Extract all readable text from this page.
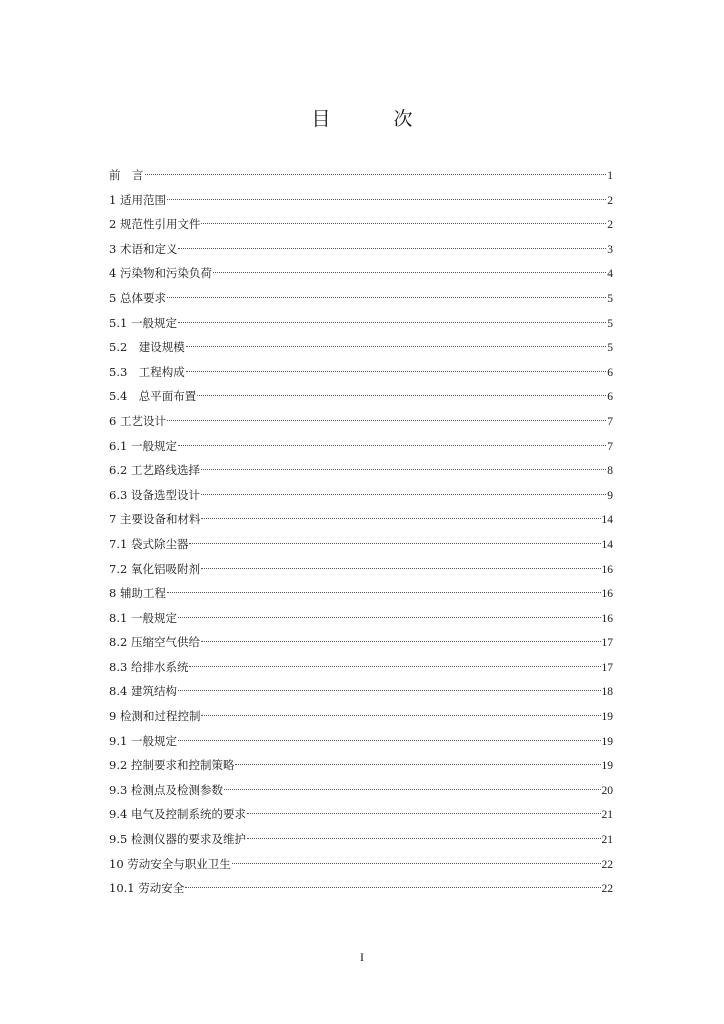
目　次
前　言	1
1 适用范围	2
2 规范性引用文件	2
3 术语和定义	3
4 污染物和污染负荷	4
5 总体要求	5
5.1 一般规定	5
5.2　建设规模	5
5.3　工程构成	6
5.4　总平面布置	6
6 工艺设计	7
6.1 一般规定	7
6.2 工艺路线选择	8
6.3 设备选型设计	9
7 主要设备和材料	14
7.1 袋式除尘器	14
7.2 氧化铝吸附剂	16
8 辅助工程	16
8.1 一般规定	16
8.2 压缩空气供给	17
8.3 给排水系统	17
8.4 建筑结构	18
9 检测和过程控制	19
9.1 一般规定	19
9.2 控制要求和控制策略	19
9.3 检测点及检测参数	20
9.4 电气及控制系统的要求	21
9.5 检测仪器的要求及维护	21
10 劳动安全与职业卫生	22
10.1 劳动安全	22
I
